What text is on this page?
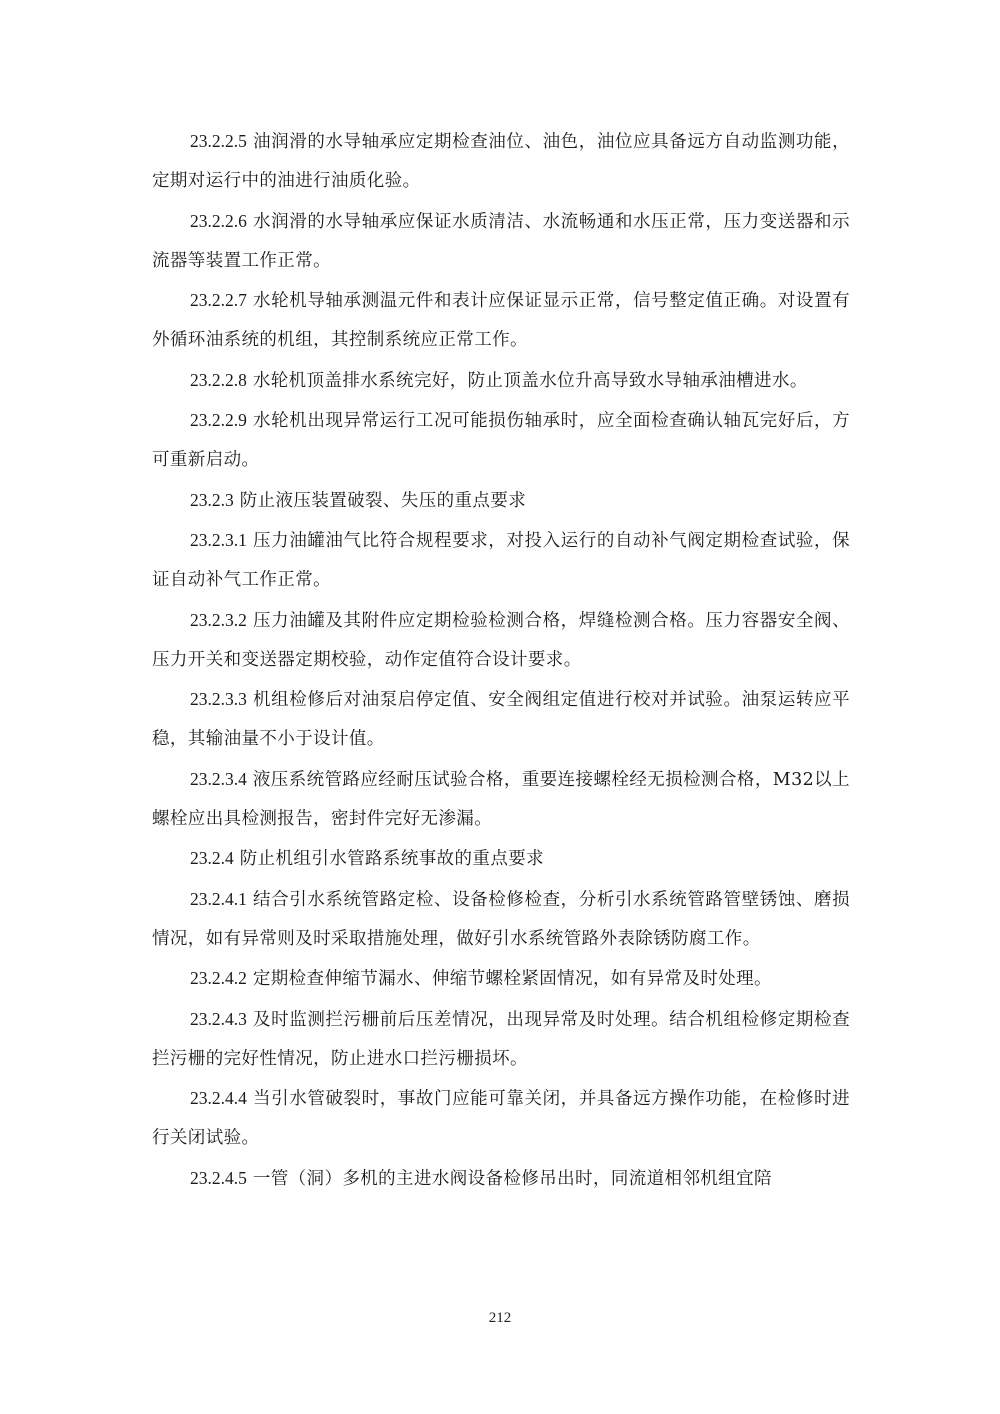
23.2.2.5 油润滑的水导轴承应定期检查油位、油色，油位应具备远方自动监测功能，定期对运行中的油进行油质化验。

23.2.2.6 水润滑的水导轴承应保证水质清洁、水流畅通和水压正常，压力变送器和示流器等装置工作正常。

23.2.2.7 水轮机导轴承测温元件和表计应保证显示正常，信号整定值正确。对设置有外循环油系统的机组，其控制系统应正常工作。

23.2.2.8 水轮机顶盖排水系统完好，防止顶盖水位升高导致水导轴承油槽进水。

23.2.2.9 水轮机出现异常运行工况可能损伤轴承时，应全面检查确认轴瓦完好后，方可重新启动。

23.2.3 防止液压装置破裂、失压的重点要求

23.2.3.1 压力油罐油气比符合规程要求，对投入运行的自动补气阀定期检查试验，保证自动补气工作正常。

23.2.3.2 压力油罐及其附件应定期检验检测合格，焊缝检测合格。压力容器安全阀、压力开关和变送器定期校验，动作定值符合设计要求。

23.2.3.3 机组检修后对油泵启停定值、安全阀组定值进行校对并试验。油泵运转应平稳，其输油量不小于设计值。

23.2.3.4 液压系统管路应经耐压试验合格，重要连接螺栓经无损检测合格，M32以上螺栓应出具检测报告，密封件完好无渗漏。

23.2.4 防止机组引水管路系统事故的重点要求

23.2.4.1 结合引水系统管路定检、设备检修检查，分析引水系统管路管壁锈蚀、磨损情况，如有异常则及时采取措施处理，做好引水系统管路外表除锈防腐工作。

23.2.4.2 定期检查伸缩节漏水、伸缩节螺栓紧固情况，如有异常及时处理。

23.2.4.3 及时监测拦污栅前后压差情况，出现异常及时处理。结合机组检修定期检查拦污栅的完好性情况，防止进水口拦污栅损坏。

23.2.4.4 当引水管破裂时，事故门应能可靠关闭，并具备远方操作功能，在检修时进行关闭试验。

23.2.4.5 一管（洞）多机的主进水阀设备检修吊出时，同流道相邻机组宜陪

212
